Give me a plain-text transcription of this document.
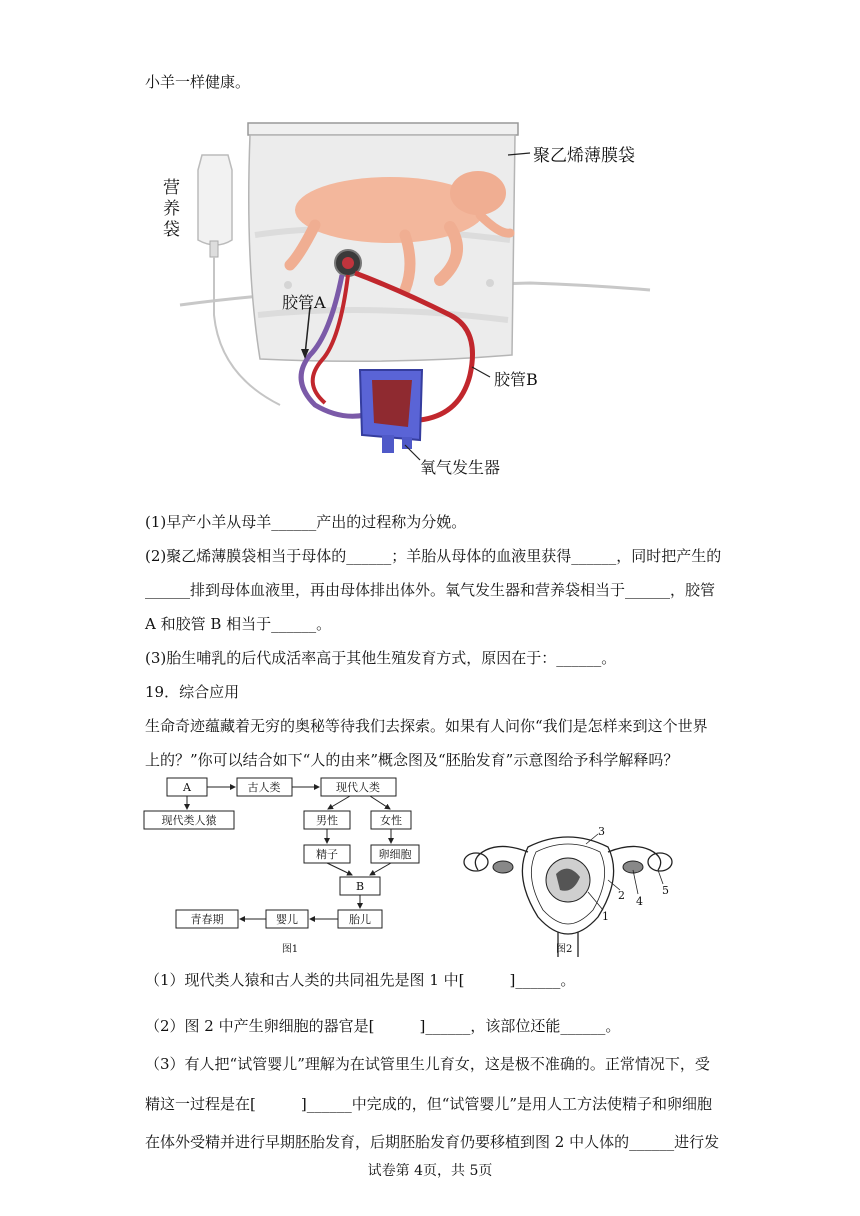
小羊一样健康。
聚乙烯薄膜袋
营
养
袋
胶管A
胶管B
氧气发生器
(1)早产小羊从母羊______产出的过程称为分娩。
(2)聚乙烯薄膜袋相当于母体的______；羊胎从母体的血液里获得______，同时把产生的
______排到母体血液里，再由母体排出体外。氧气发生器和营养袋相当于______，胶管
A 和胶管 B 相当于______。
(3)胎生哺乳的后代成活率高于其他生殖发育方式，原因在于：______。
19．综合应用
生命奇迹蕴藏着无穷的奥秘等待我们去探索。如果有人问你“我们是怎样来到这个世界
上的？”你可以结合如下“人的由来”概念图及“胚胎发育”示意图给予科学解释吗？
A	古人类	现代人类
现代类人猿	男性	女性
精子	卵细胞
B
青春期	婴儿	胎儿
图1
1
2
3
4
5
图2
（1）现代类人猿和古人类的共同祖先是图 1 中[　　　]______。
（2）图 2 中产生卵细胞的器官是[　　　]______，该部位还能______。
（3）有人把“试管婴儿”理解为在试管里生儿育女，这是极不准确的。正常情况下，受
精这一过程是在[　　　]______中完成的，但“试管婴儿”是用人工方法使精子和卵细胞
在体外受精并进行早期胚胎发育，后期胚胎发育仍要移植到图 2 中人体的______进行发
试卷第 4页，共 5页
